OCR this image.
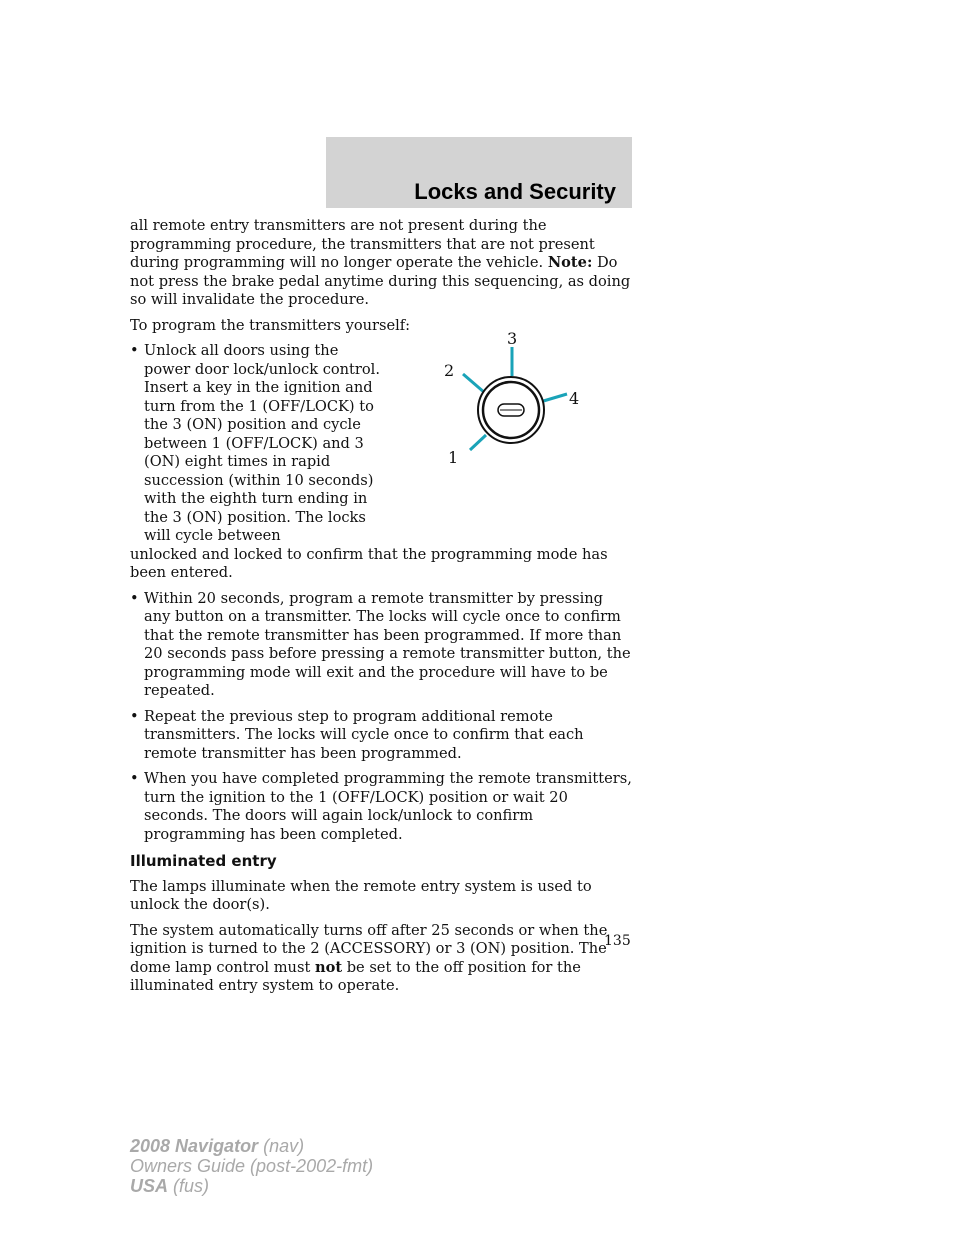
Locks and Security

all remote entry transmitters are not present during the programming procedure, the transmitters that are not present during programming will no longer operate the vehicle. Note: Do not press the brake pedal anytime during this sequencing, as doing so will invalidate the procedure.

To program the transmitters yourself:

• Unlock all doors using the power door lock/unlock control. Insert a key in the ignition and turn from the 1 (OFF/LOCK) to the 3 (ON) position and cycle between 1 (OFF/LOCK) and 3 (ON) eight times in rapid succession (within 10 seconds) with the eighth turn ending in the 3 (ON) position. The locks will cycle between
unlocked and locked to confirm that the programming mode has been entered.
• Within 20 seconds, program a remote transmitter by pressing any button on a transmitter. The locks will cycle once to confirm that the remote transmitter has been programmed. If more than 20 seconds pass before pressing a remote transmitter button, the programming mode will exit and the procedure will have to be repeated.
• Repeat the previous step to program additional remote transmitters. The locks will cycle once to confirm that each remote transmitter has been programmed.
• When you have completed programming the remote transmitters, turn the ignition to the 1 (OFF/LOCK) position or wait 20 seconds. The doors will again lock/unlock to confirm programming has been completed.
Illuminated entry

The lamps illuminate when the remote entry system is used to unlock the door(s).

The system automatically turns off after 25 seconds or when the ignition is turned to the 2 (ACCESSORY) or 3 (ON) position. The dome lamp control must not be set to the off position for the illuminated entry system to operate.

3
2
4
1

135

2008 Navigator (nav)
Owners Guide (post-2002-fmt)
USA (fus)
